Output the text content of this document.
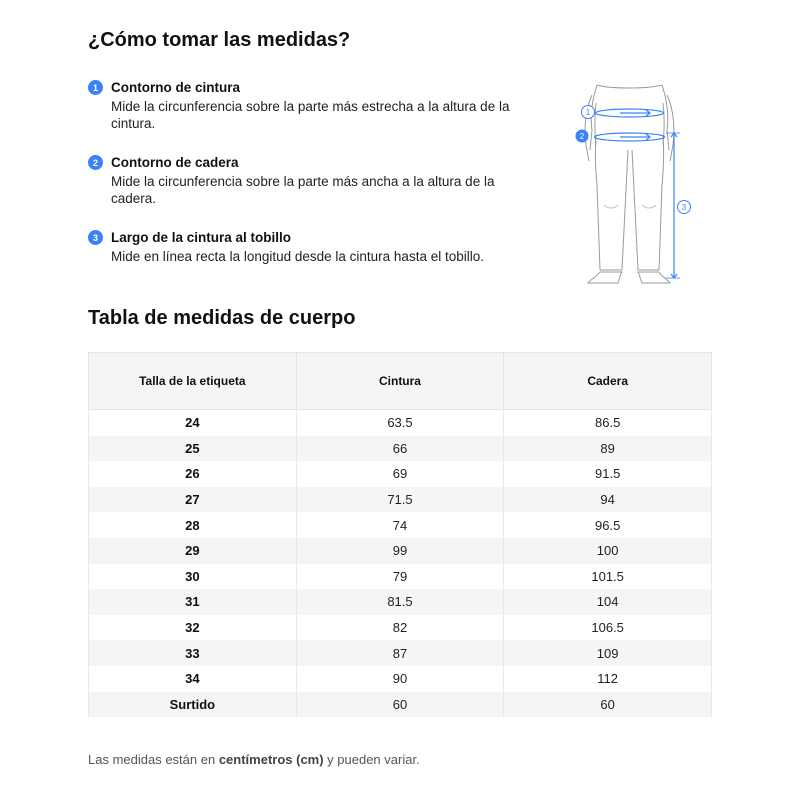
¿Cómo tomar las medidas?
1 Contorno de cintura
Mide la circunferencia sobre la parte más estrecha a la altura de la cintura.
2 Contorno de cadera
Mide la circunferencia sobre la parte más ancha a la altura de la cadera.
3 Largo de la cintura al tobillo
Mide en línea recta la longitud desde la cintura hasta el tobillo.
1
2
3
Tabla de medidas de cuerpo
Talla de la etiqueta	Cintura	Cadera
24	63.5	86.5
25	66	89
26	69	91.5
27	71.5	94
28	74	96.5
29	99	100
30	79	101.5
31	81.5	104
32	82	106.5
33	87	109
34	90	112
Surtido	60	60
Las medidas están en centímetros (cm) y pueden variar.
